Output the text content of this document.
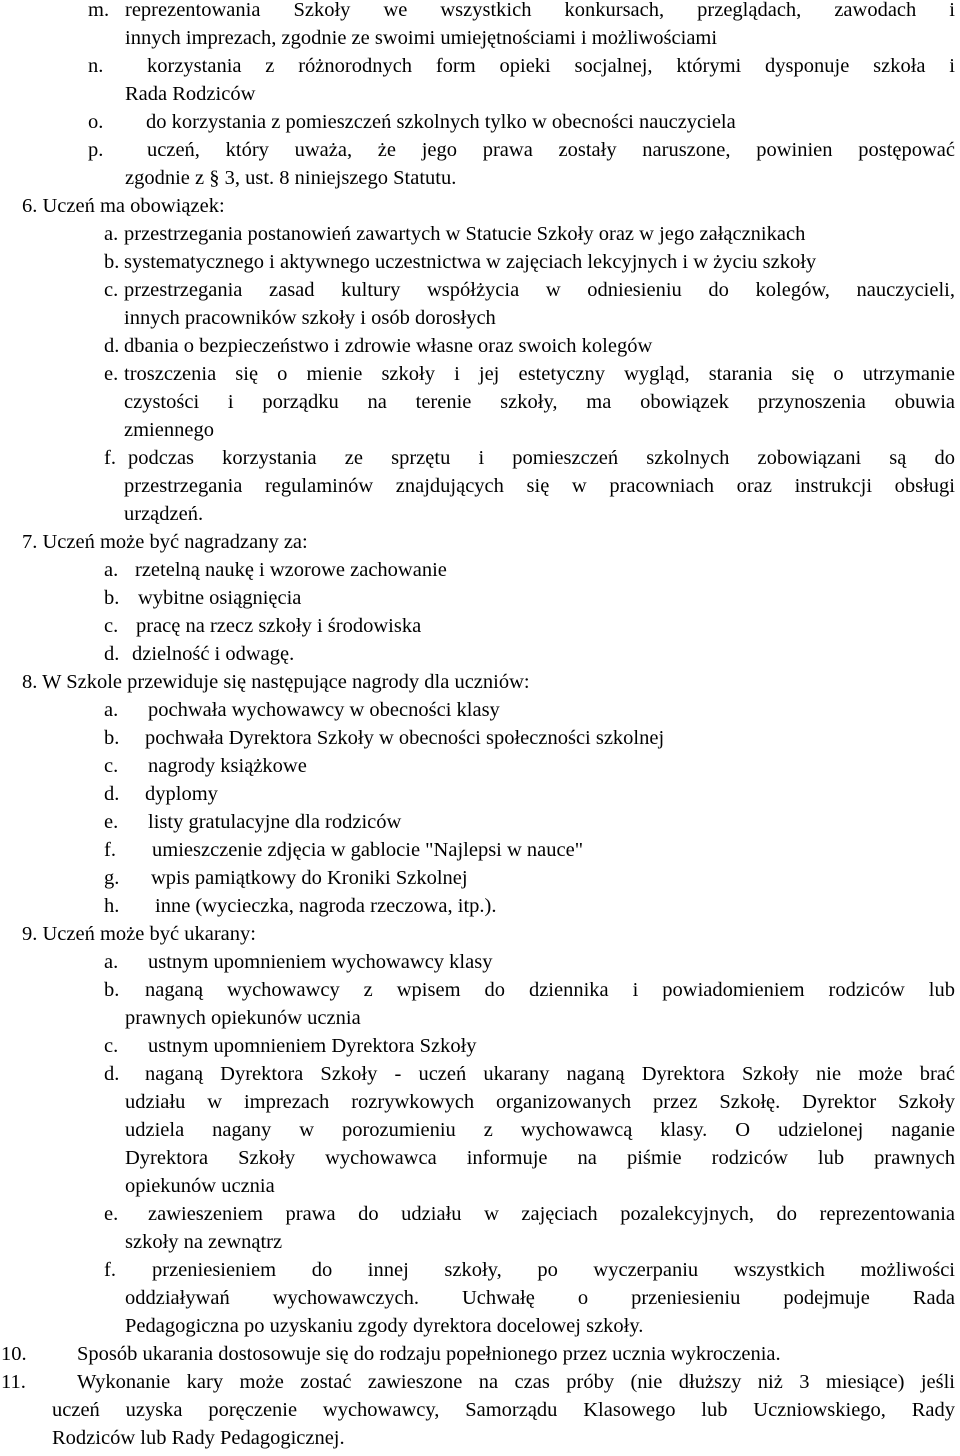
m. reprezentowania Szkoły we wszystkich konkursach, przeglądach, zawodach i

innych imprezach, zgodnie ze swoimi umiejętnościami i możliwościami

n. korzystania z różnorodnych form opieki socjalnej, którymi dysponuje szkoła i

Rada Rodziców

o. do korzystania z pomieszczeń szkolnych tylko w obecności nauczyciela

p. uczeń, który uważa, że jego prawa zostały naruszone, powinien postępować

zgodnie z § 3, ust. 8 niniejszego Statutu.

6. Uczeń ma obowiązek:

a. przestrzegania postanowień zawartych w Statucie Szkoły oraz w jego załącznikach

b. systematycznego i aktywnego uczestnictwa w zajęciach lekcyjnych i w życiu szkoły

c. przestrzegania zasad kultury współżycia w odniesieniu do kolegów, nauczycieli,

innych pracowników szkoły i osób dorosłych

d. dbania o bezpieczeństwo i zdrowie własne oraz swoich kolegów

e. troszczenia się o mienie szkoły i jej estetyczny wygląd, starania się o utrzymanie

czystości i porządku na terenie szkoły, ma obowiązek przynoszenia obuwia

zmiennego

f. podczas korzystania ze sprzętu i pomieszczeń szkolnych zobowiązani są do

przestrzegania regulaminów znajdujących się w pracowniach oraz instrukcji obsługi

urządzeń.

7. Uczeń może być nagradzany za:

a. rzetelną naukę i wzorowe zachowanie

b. wybitne osiągnięcia

c. pracę na rzecz szkoły i środowiska

d. dzielność i odwagę.

8. W Szkole przewiduje się następujące nagrody dla uczniów:

a. pochwała wychowawcy w obecności klasy

b. pochwała Dyrektora Szkoły w obecności społeczności szkolnej

c. nagrody książkowe

d. dyplomy

e. listy gratulacyjne dla rodziców

f. umieszczenie zdjęcia w gablocie "Najlepsi w nauce"

g. wpis pamiątkowy do Kroniki Szkolnej

h. inne (wycieczka, nagroda rzeczowa, itp.).

9. Uczeń może być ukarany:

a. ustnym upomnieniem wychowawcy klasy

b. naganą wychowawcy z wpisem do dziennika i powiadomieniem rodziców lub

prawnych opiekunów ucznia

c. ustnym upomnieniem Dyrektora Szkoły

d. naganą Dyrektora Szkoły - uczeń ukarany naganą Dyrektora Szkoły nie może brać

udziału w imprezach rozrywkowych organizowanych przez Szkołę. Dyrektor Szkoły

udziela nagany w porozumieniu z wychowawcą klasy. O udzielonej naganie

Dyrektora Szkoły wychowawca informuje na piśmie rodziców lub prawnych

opiekunów ucznia

e. zawieszeniem prawa do udziału w zajęciach pozalekcyjnych, do reprezentowania

szkoły na zewnątrz

f. przeniesieniem do innej szkoły, po wyczerpaniu wszystkich możliwości

oddziaływań wychowawczych. Uchwałę o przeniesieniu podejmuje Rada

Pedagogiczna po uzyskaniu zgody dyrektora docelowej szkoły.

10. Sposób ukarania dostosowuje się do rodzaju popełnionego przez ucznia wykroczenia.

11. Wykonanie kary może zostać zawieszone na czas próby (nie dłuższy niż 3 miesiące) jeśli

uczeń uzyska poręczenie wychowawcy, Samorządu Klasowego lub Uczniowskiego, Rady

Rodziców lub Rady Pedagogicznej.
